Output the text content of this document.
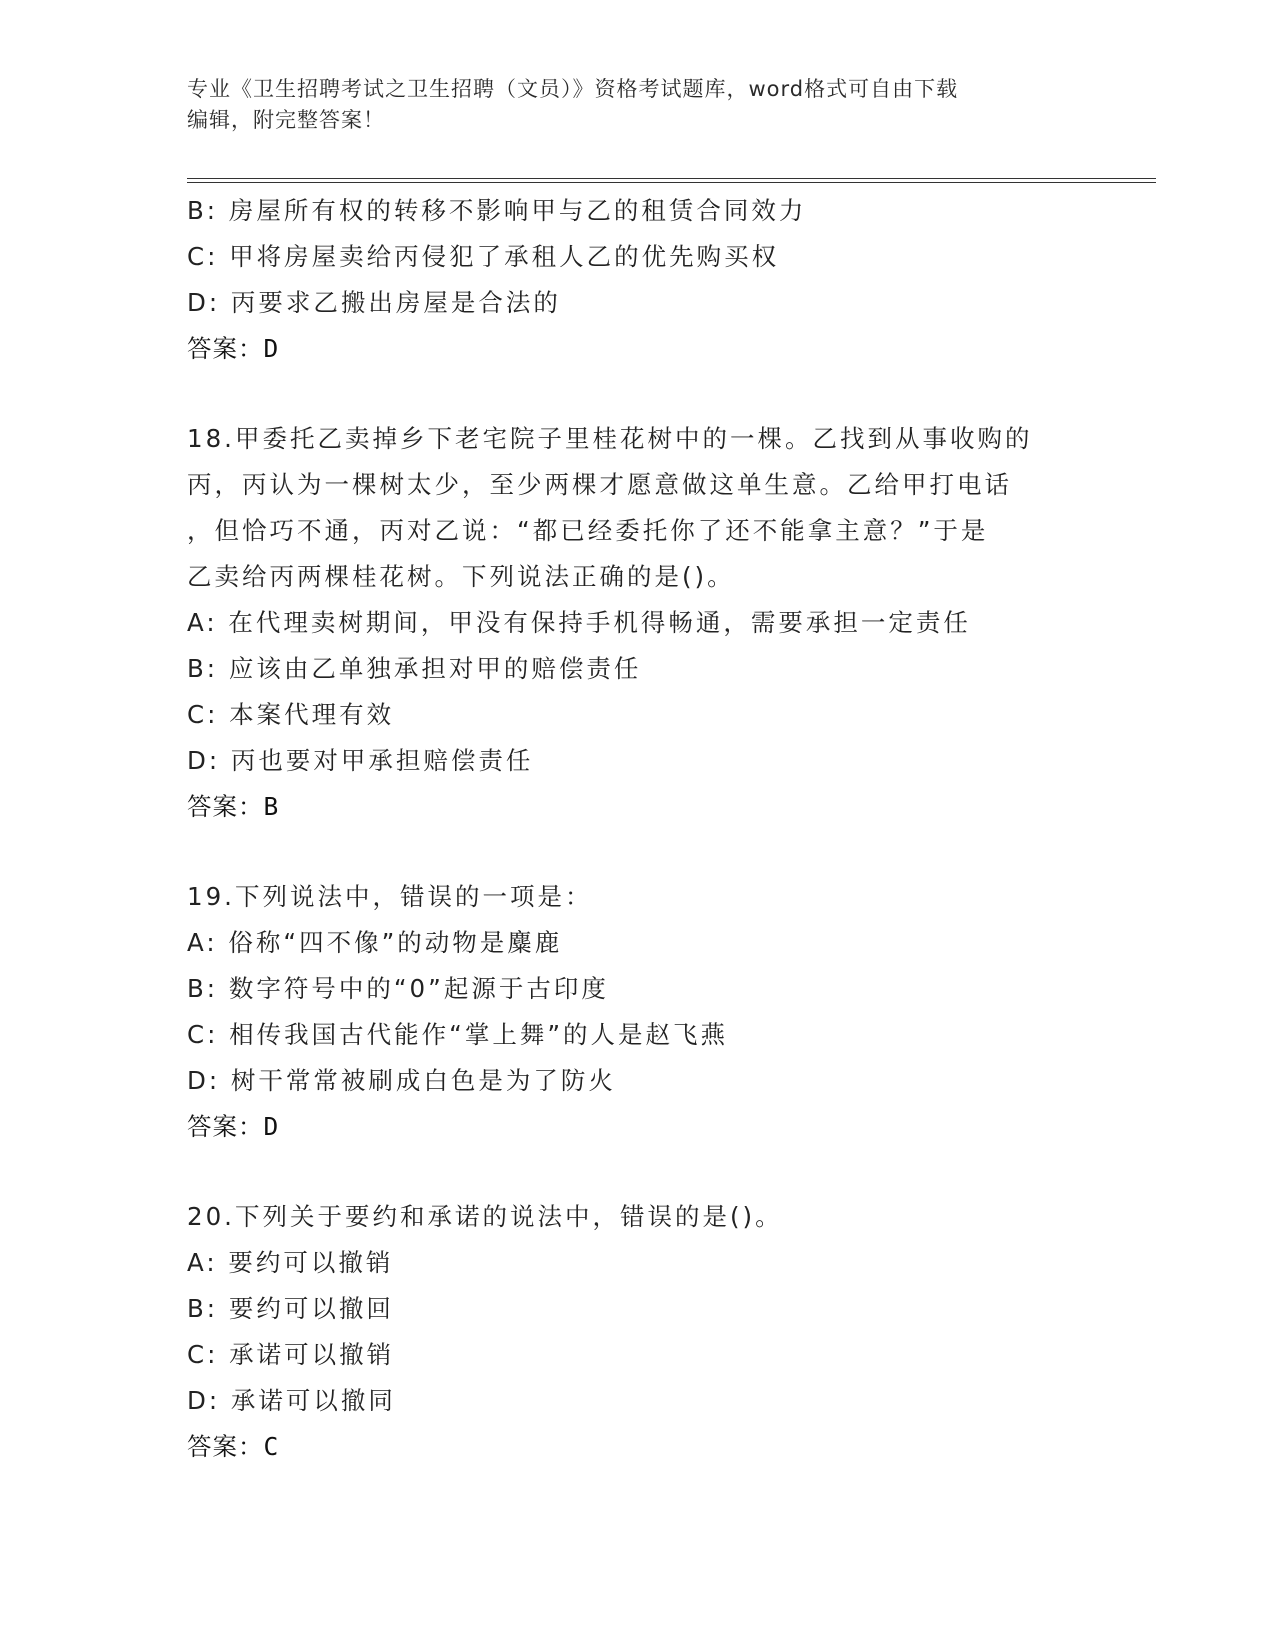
专业《卫生招聘考试之卫生招聘（文员）》资格考试题库，word格式可自由下载
编辑，附完整答案！
B: 房屋所有权的转移不影响甲与乙的租赁合同效力
C: 甲将房屋卖给丙侵犯了承租人乙的优先购买权
D: 丙要求乙搬出房屋是合法的
答案：D
18.甲委托乙卖掉乡下老宅院子里桂花树中的一棵。乙找到从事收购的
丙，丙认为一棵树太少，至少两棵才愿意做这单生意。乙给甲打电话
，但恰巧不通，丙对乙说：“都已经委托你了还不能拿主意？”于是
乙卖给丙两棵桂花树。下列说法正确的是()。
A: 在代理卖树期间，甲没有保持手机得畅通，需要承担一定责任
B: 应该由乙单独承担对甲的赔偿责任
C: 本案代理有效
D: 丙也要对甲承担赔偿责任
答案：B
19.下列说法中，错误的一项是：
A: 俗称“四不像”的动物是麋鹿
B: 数字符号中的“0”起源于古印度
C: 相传我国古代能作“掌上舞”的人是赵飞燕
D: 树干常常被刷成白色是为了防火
答案：D
20.下列关于要约和承诺的说法中，错误的是()。
A: 要约可以撤销
B: 要约可以撤回
C: 承诺可以撤销
D: 承诺可以撤同
答案：C
